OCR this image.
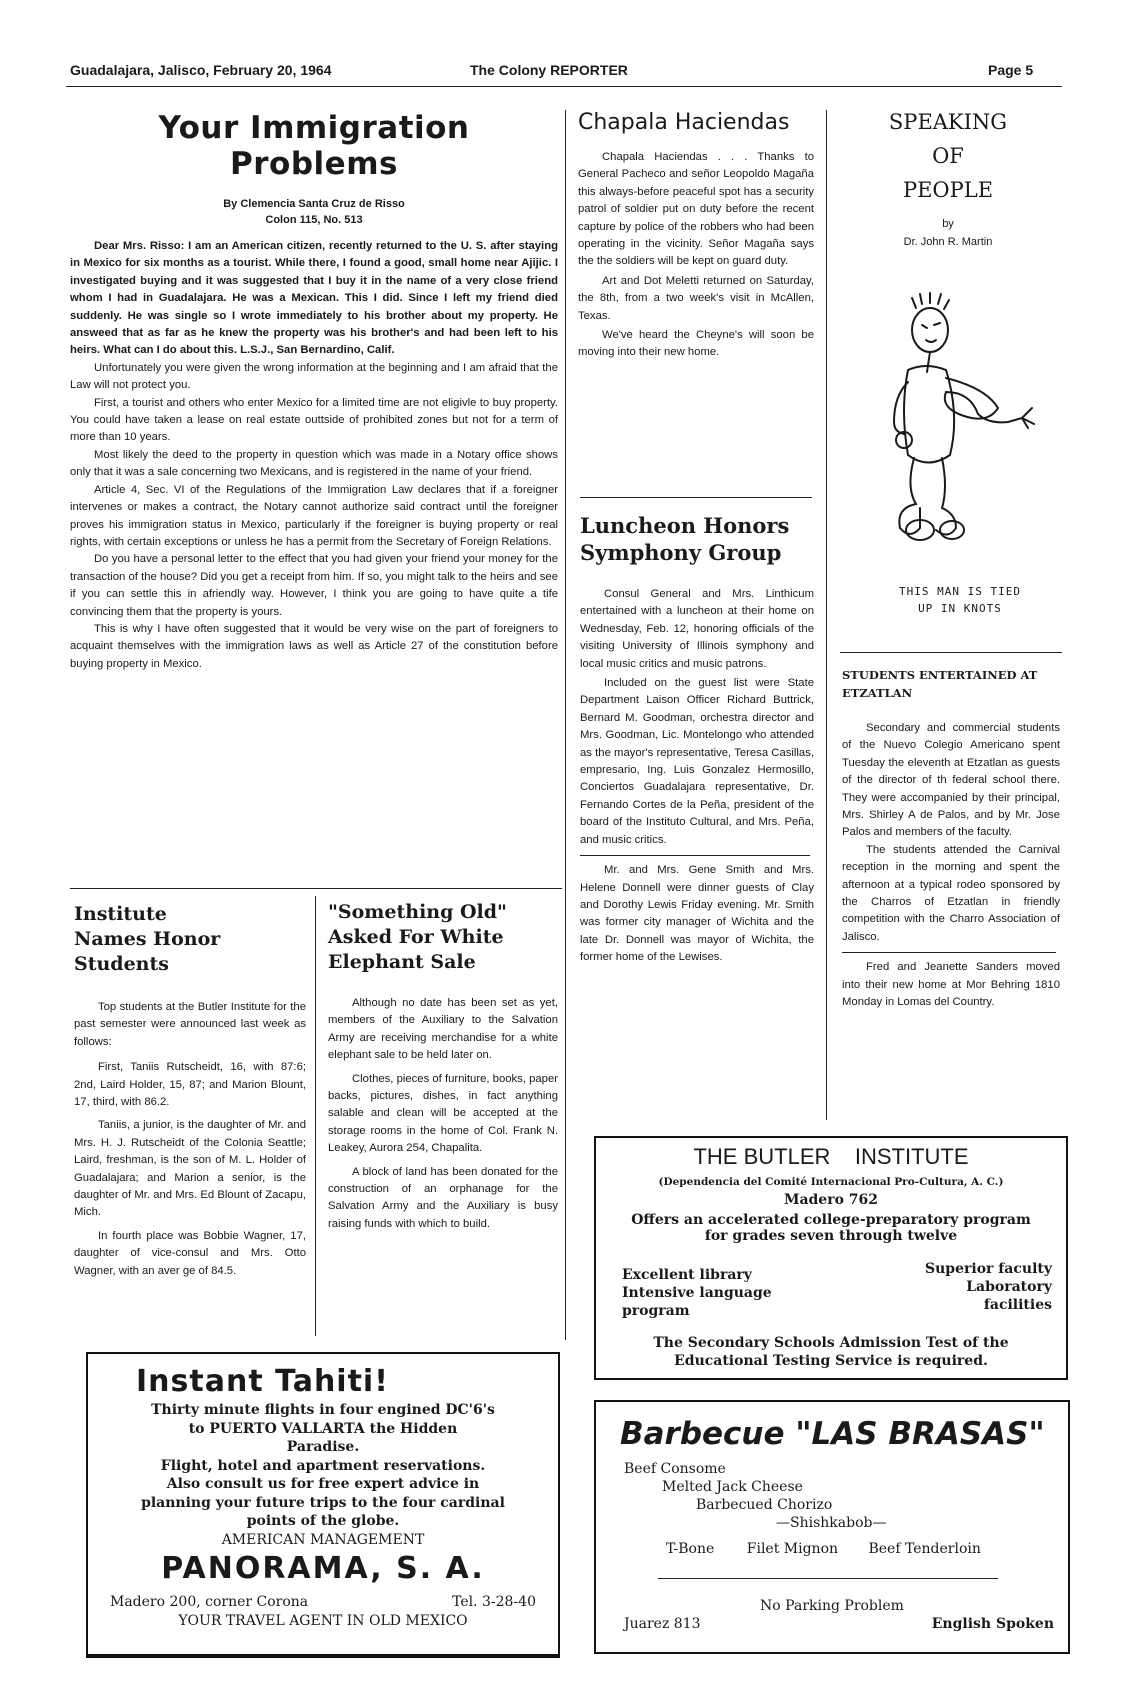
Guadalajara, Jalisco, February 20, 1964	The Colony REPORTER	Page 5
Your Immigration Problems
By Clemencia Santa Cruz de Risso
Colon 115, No. 513

Dear Mrs. Risso: I am an American citizen, recently returned to the U. S. after staying in Mexico for six months as a tourist. While there, I found a good, small home near Ajijic. I investigated buying and it was suggested that I buy it in the name of a very close friend whom I had in Guadalajara. He was a Mexican. This I did. Since I left my friend died suddenly. He was single so I wrote immediately to his brother about my property. He answeed that as far as he knew the property was his brother's and had been left to his heirs. What can I do about this. L.S.J., San Bernardino, Calif.

Unfortunately you were given the wrong information at the beginning and I am afraid that the Law will not protect you.

First, a tourist and others who enter Mexico for a limited time are not eligivle to buy property. You could have taken a lease on real estate outtside of prohibited zones but not for a term of more than 10 years.

Most likely the deed to the property in question which was made in a Notary office shows only that it was a sale concerning two Mexicans, and is registered in the name of your friend.

Article 4, Sec. VI of the Regulations of the Immigration Law declares that if a foreigner intervenes or makes a contract, the Notary cannot authorize said contract until the foreigner proves his immigration status in Mexico, particularly if the foreigner is buying property or real rights, with certain exceptions or unless he has a permit from the Secretary of Foreign Relations.

Do you have a personal letter to the effect that you had given your friend your money for the transaction of the house? Did you get a receipt from him. If so, you might talk to the heirs and see if you can settle this in afriendly way. However, I think you are going to have quite a tife convincing them that the property is yours.

This is why I have often suggested that it would be very wise on the part of foreigners to acquaint themselves with the immigration laws as well as Article 27 of the constitution before buying property in Mexico.

Institute Names Honor Students

Top students at the Butler Institute for the past semester were announced last week as follows:

First, Taniis Rutscheidt, 16, with 87:6; 2nd, Laird Holder, 15, 87; and Marion Blount, 17, third, with 86.2.

Taniis, a junior, is the daughter of Mr. and Mrs. H. J. Rutscheidt of the Colonia Seattle; Laird, freshman, is the son of M. L. Holder of Guadalajara; and Marion a senior, is the daughter of Mr. and Mrs. Ed Blount of Zacapu, Mich.

In fourth place was Bobbie Wagner, 17, daughter of vice-consul and Mrs. Otto Wagner, with an aver ge of 84.5.

"Something Old" Asked For White Elephant Sale

Although no date has been set as yet, members of the Auxiliary to the Salvation Army are receiving merchandise for a white elephant sale to be held later on.

Clothes, pieces of furniture, books, paper backs, pictures, dishes, in fact anything salable and clean will be accepted at the storage rooms in the home of Col. Frank N. Leakey, Aurora 254, Chapalita.

A block of land has been donated for the construction of an orphanage for the Salvation Army and the Auxiliary is busy raising funds with which to build.

Chapala Haciendas

Chapala Haciendas . . . Thanks to General Pacheco and señor Leopoldo Magaña this always-before peaceful spot has a security patrol of soldier put on duty before the recent capture by police of the robbers who had been operating in the vicinity. Señor Magaña says the the soldiers will be kept on guard duty.

Art and Dot Meletti returned on Saturday, the 8th, from a two week's visit in McAllen, Texas.

We've heard the Cheyne's will soon be moving into their new home.

Luncheon Honors Symphony Group

Consul General and Mrs. Linthicum entertained with a luncheon at their home on Wednesday, Feb. 12, honoring officials of the visiting University of Illinois symphony and local music critics and music patrons.

Included on the guest list were State Department Laison Officer Richard Buttrick, Bernard M. Goodman, orchestra director and Mrs. Goodman, Lic. Montelongo who attended as the mayor's representative, Teresa Casillas, empresario, Ing. Luis Gonzalez Hermosillo, Conciertos Guadalajara representative, Dr. Fernando Cortes de la Peña, president of the board of the Instituto Cultural, and Mrs. Peña, and music critics.

Mr. and Mrs. Gene Smith and Mrs. Helene Donnell were dinner guests of Clay and Dorothy Lewis Friday evening. Mr. Smith was former city manager of Wichita and the late Dr. Donnell was mayor of Wichita, the former home of the Lewises.

SPEAKING
OF
PEOPLE
by
Dr. John R. Martin
THIS MAN IS TIED
UP IN KNOTS
STUDENTS ENTERTAINED AT ETZATLAN

Secondary and commercial students of the Nuevo Colegio Americano spent Tuesday the eleventh at Etzatlan as guests of the director of th federal school there. They were accompanied by their principal, Mrs. Shirley A de Palos, and by Mr. Jose Palos and members of the faculty.

The students attended the Carnival reception in the morning and spent the afternoon at a typical rodeo sponsored by the Charros of Etzatlan in friendly competition with the Charro Association of Jalisco.

Fred and Jeanette Sanders moved into their new home at Mor Behring 1810 Monday in Lomas del Country.

THE BUTLER INSTITUTE
(Dependencia del Comité Internacional Pro-Cultura, A. C.)
Madero 762
Offers an accelerated college-preparatory program
for grades seven through twelve
Excellent library
Intensive language
program
Superior faculty
Laboratory
facilities
The Secondary Schools Admission Test of the
Educational Testing Service is required.
Instant Tahiti!
Thirty minute flights in four engined DC'6's
to PUERTO VALLARTA the Hidden
Paradise.
Flight, hotel and apartment reservations.
Also consult us for free expert advice in
planning your future trips to the four cardinal
points of the globe.
AMERICAN MANAGEMENT
PANORAMA, S. A.
Madero 200, corner Corona	Tel. 3-28-40
YOUR TRAVEL AGENT IN OLD MEXICO
Barbecue "LAS BRASAS"
Beef Consome
Melted Jack Cheese
Barbecued Chorizo
—Shishkabob—
T-Bone Filet Mignon Beef Tenderloin
No Parking Problem
Juarez 813	English Spoken
